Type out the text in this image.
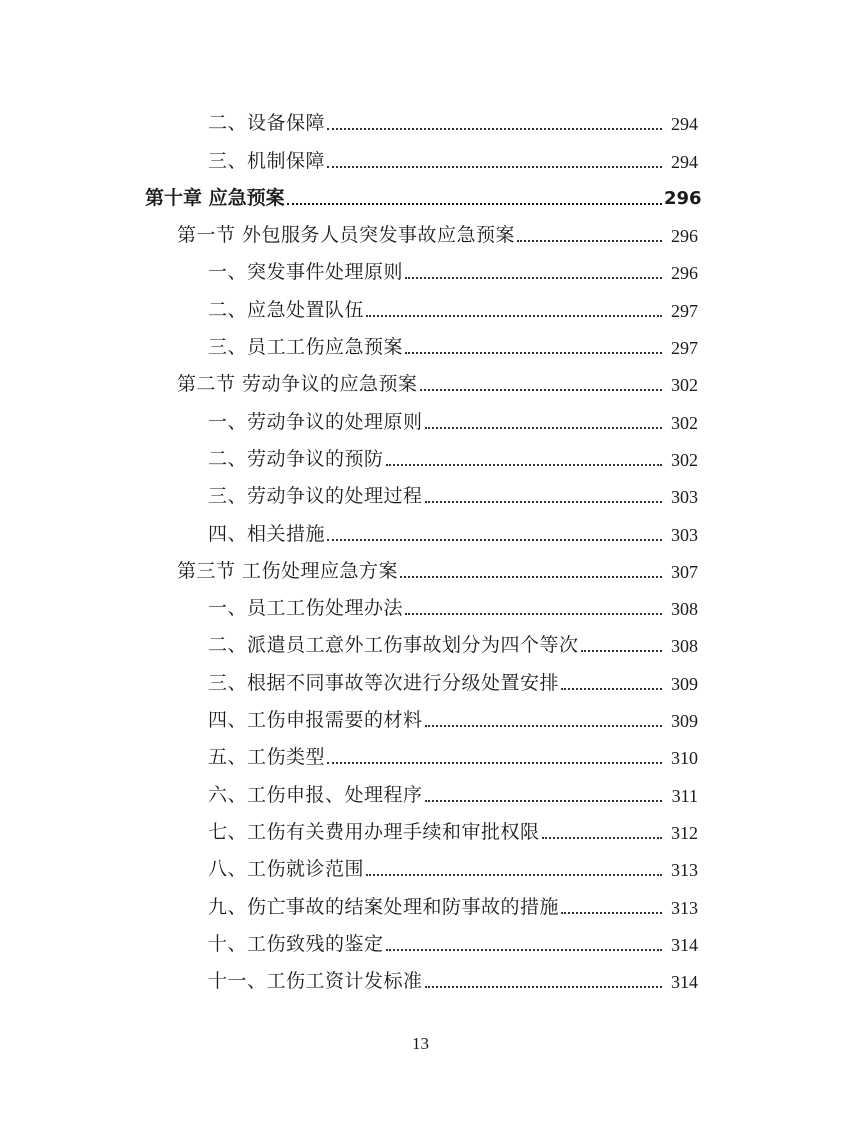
二、设备保障	294
三、机制保障	294
第十章 应急预案	296
第一节 外包服务人员突发事故应急预案	296
一、突发事件处理原则	296
二、应急处置队伍	297
三、员工工伤应急预案	297
第二节 劳动争议的应急预案	302
一、劳动争议的处理原则	302
二、劳动争议的预防	302
三、劳动争议的处理过程	303
四、相关措施	303
第三节 工伤处理应急方案	307
一、员工工伤处理办法	308
二、派遣员工意外工伤事故划分为四个等次	308
三、根据不同事故等次进行分级处置安排	309
四、工伤申报需要的材料	309
五、工伤类型	310
六、工伤申报、处理程序	311
七、工伤有关费用办理手续和审批权限	312
八、工伤就诊范围	313
九、伤亡事故的结案处理和防事故的措施	313
十、工伤致残的鉴定	314
十一、工伤工资计发标准	314
13
